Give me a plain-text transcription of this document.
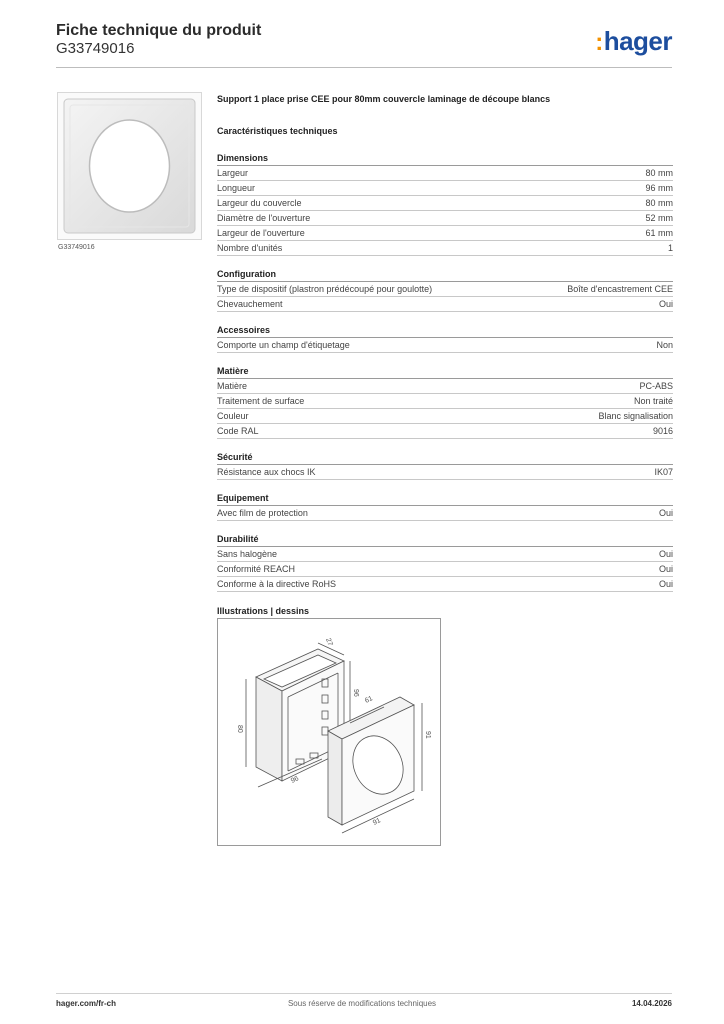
Fiche technique du produit
G33749016	:hager
G33749016
Support 1 place prise CEE pour 80mm couvercle laminage de découpe blancs
Caractéristiques techniques
Dimensions
Largeur	80 mm
Longueur	96 mm
Largeur du couvercle	80 mm
Diamètre de l'ouverture	52 mm
Largeur de l'ouverture	61 mm
Nombre d'unités	1
Configuration
Type de dispositif (plastron prédécoupé pour goulotte)	Boîte d'encastrement CEE
Chevauchement	Oui
Accessoires
Comporte un champ d'étiquetage	Non
Matière
Matière	PC-ABS
Traitement de surface	Non traité
Couleur	Blanc signalisation
Code RAL	9016
Sécurité
Résistance aux chocs IK	IK07
Equipement
Avec film de protection	Oui
Durabilité
Sans halogène	Oui
Conformité REACH	Oui
Conforme à la directive RoHS	Oui
Illustrations | dessins
27
96
80
96
61
91
91
hager.com/fr-ch	Sous réserve de modifications techniques	14.04.2026
